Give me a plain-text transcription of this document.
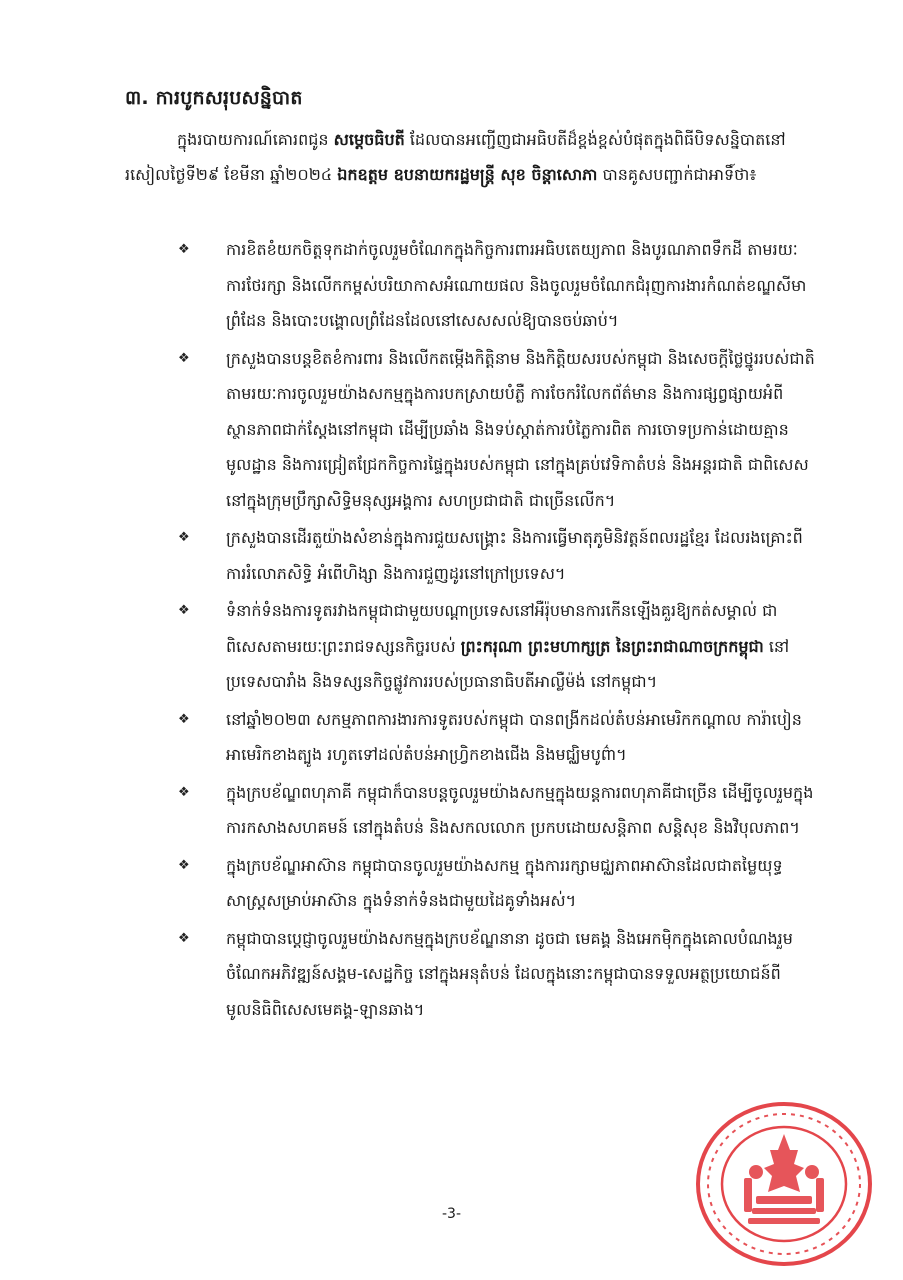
៣. ការបូកសរុបសន្និបាត
ក្នុងរបាយការណ៍គោរពជូន សម្តេចធិបតី ដែលបានអញ្ជើញជាអធិបតីដ៏ខ្ពង់ខ្ពស់បំផុតក្នុងពិធីបិទសន្និបាតនៅរសៀលថ្ងៃទី២៩ ខែមីនា ឆ្នាំ២០២៤ ឯកឧត្តម ឧបនាយករដ្ឋមន្ត្រី សុខ ចិន្តាសោភា បានគូសបញ្ជាក់ជាអាទិ៍ថា៖
❖	ការខិតខំយកចិត្តទុកដាក់ចូលរួមចំណែកក្នុងកិច្ចការពារអធិបតេយ្យភាព និងបូរណភាពទឹកដី តាមរយៈការថែរក្សា និងលើកកម្ពស់បរិយាកាសអំណោយផល និងចូលរួមចំណែកជំរុញការងារកំណត់ខណ្ឌសីមាព្រំដែន និងបោះបង្គោលព្រំដែនដែលនៅសេសសល់ឱ្យបានចប់ឆាប់។
❖	ក្រសួងបានបន្តខិតខំការពារ និងលើកតម្កើងកិត្តិនាម និងកិត្តិយសរបស់កម្ពុជា និងសេចក្តីថ្លៃថ្នូររបស់ជាតិ តាមរយៈការចូលរួមយ៉ាងសកម្មក្នុងការបកស្រាយបំភ្លឺ ការចែករំលែកព័ត៌មាន និងការផ្សព្វផ្សាយអំពីស្ថានភាពជាក់ស្តែងនៅកម្ពុជា ដើម្បីប្រឆាំង និងទប់ស្កាត់ការបំភ្លៃការពិត ការចោទប្រកាន់ដោយគ្មានមូលដ្ឋាន និងការជ្រៀតជ្រែកកិច្ចការផ្ទៃក្នុងរបស់កម្ពុជា នៅក្នុងគ្រប់វេទិកាតំបន់ និងអន្តរជាតិ ជាពិសេសនៅក្នុងក្រុមប្រឹក្សាសិទ្ធិមនុស្សអង្គការ សហប្រជាជាតិ ជាច្រើនលើក។
❖	ក្រសួងបានដើរតួយ៉ាងសំខាន់ក្នុងការជួយសង្គ្រោះ និងការធ្វើមាតុភូមិនិវត្តន៍ពលរដ្ឋខ្មែរ ដែលរងគ្រោះពីការរំលោភសិទ្ធិ អំពើហិង្សា និងការជួញដូរនៅក្រៅប្រទេស។
❖	ទំនាក់ទំនងការទូតរវាងកម្ពុជាជាមួយបណ្តាប្រទេសនៅអឺរ៉ុបមានការកើនឡើងគួរឱ្យកត់សម្គាល់ ជាពិសេសតាមរយៈព្រះរាជទស្សនកិច្ចរបស់ ព្រះករុណា ព្រះមហាក្សត្រ នៃព្រះរាជាណាចក្រកម្ពុជា នៅប្រទេសបារាំង និងទស្សនកិច្ចផ្លូវការរបស់ប្រធានាធិបតីអាល្លឺម៉ង់ នៅកម្ពុជា។
❖	នៅឆ្នាំ២០២៣ សកម្មភាពការងារការទូតរបស់កម្ពុជា បានពង្រីកដល់តំបន់អាមេរិកកណ្តាល ការ៉ាបៀន អាមេរិកខាងត្បូង រហូតទៅដល់តំបន់អាហ្វ្រិកខាងជើង និងមជ្ឈិមបូព៌ា។
❖	ក្នុងក្របខ័ណ្ឌពហុភាគី កម្ពុជាក៏បានបន្តចូលរួមយ៉ាងសកម្មក្នុងយន្តការពហុភាគីជាច្រើន ដើម្បីចូលរួមក្នុងការកសាងសហគមន៍ នៅក្នុងតំបន់ និងសកលលោក ប្រកបដោយសន្តិភាព សន្តិសុខ និងវិបុលភាព។
❖	ក្នុងក្របខ័ណ្ឌអាស៊ាន កម្ពុជាបានចូលរួមយ៉ាងសកម្ម ក្នុងការរក្សាមជ្ឈភាពអាស៊ានដែលជាតម្លៃយុទ្ធសាស្ត្រសម្រាប់អាស៊ាន ក្នុងទំនាក់ទំនងជាមួយដៃគូទាំងអស់។
❖	កម្ពុជាបានប្តេជ្ញាចូលរួមយ៉ាងសកម្មក្នុងក្របខ័ណ្ឌនានា ដូចជា មេគង្គ និងអេកម៉ិកក្នុងគោលបំណងរួមចំណែកអភិវឌ្ឍន៍សង្គម-សេដ្ឋកិច្ច នៅក្នុងអនុតំបន់ ដែលក្នុងនោះកម្ពុជាបានទទួលអត្ថប្រយោជន៍ពីមូលនិធិពិសេសមេគង្គ-ឡានឆាង។
-3-
